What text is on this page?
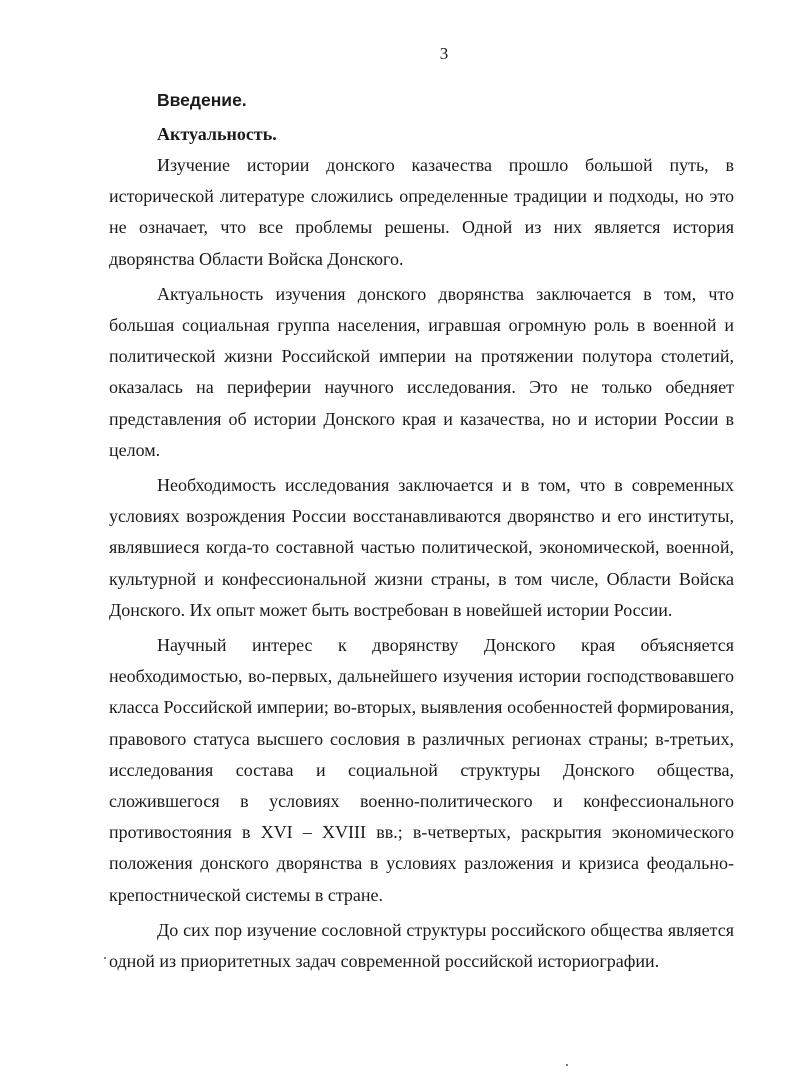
3
Введение.
Актуальность.

Изучение истории донского казачества прошло большой путь, в исторической литературе сложились определенные традиции и подходы, но это не означает, что все проблемы решены. Одной из них является история дворянства Области Войска Донского.

Актуальность изучения донского дворянства заключается в том, что большая социальная группа населения, игравшая огромную роль в военной и политической жизни Российской империи на протяжении полутора столетий, оказалась на периферии научного исследования. Это не только обедняет представления об истории Донского края и казачества, но и истории России в целом.

Необходимость исследования заключается и в том, что в современных условиях возрождения России восстанавливаются дворянство и его институты, являвшиеся когда-то составной частью политической, экономической, военной, культурной и конфессиональной жизни страны, в том числе, Области Войска Донского. Их опыт может быть востребован в новейшей истории России.

Научный интерес к дворянству Донского края объясняется необходимостью, во-первых, дальнейшего изучения истории господствовавшего класса Российской империи; во-вторых, выявления особенностей формирования, правового статуса высшего сословия в различных регионах страны; в-третьих, исследования состава и социальной структуры Донского общества, сложившегося в условиях военно-политического и конфессионального противостояния в XVI – XVIII вв.; в-четвертых, раскрытия экономического положения донского дворянства в условиях разложения и кризиса феодально-крепостнической системы в стране.

До сих пор изучение сословной структуры российского общества является одной из приоритетных задач современной российской историографии.
